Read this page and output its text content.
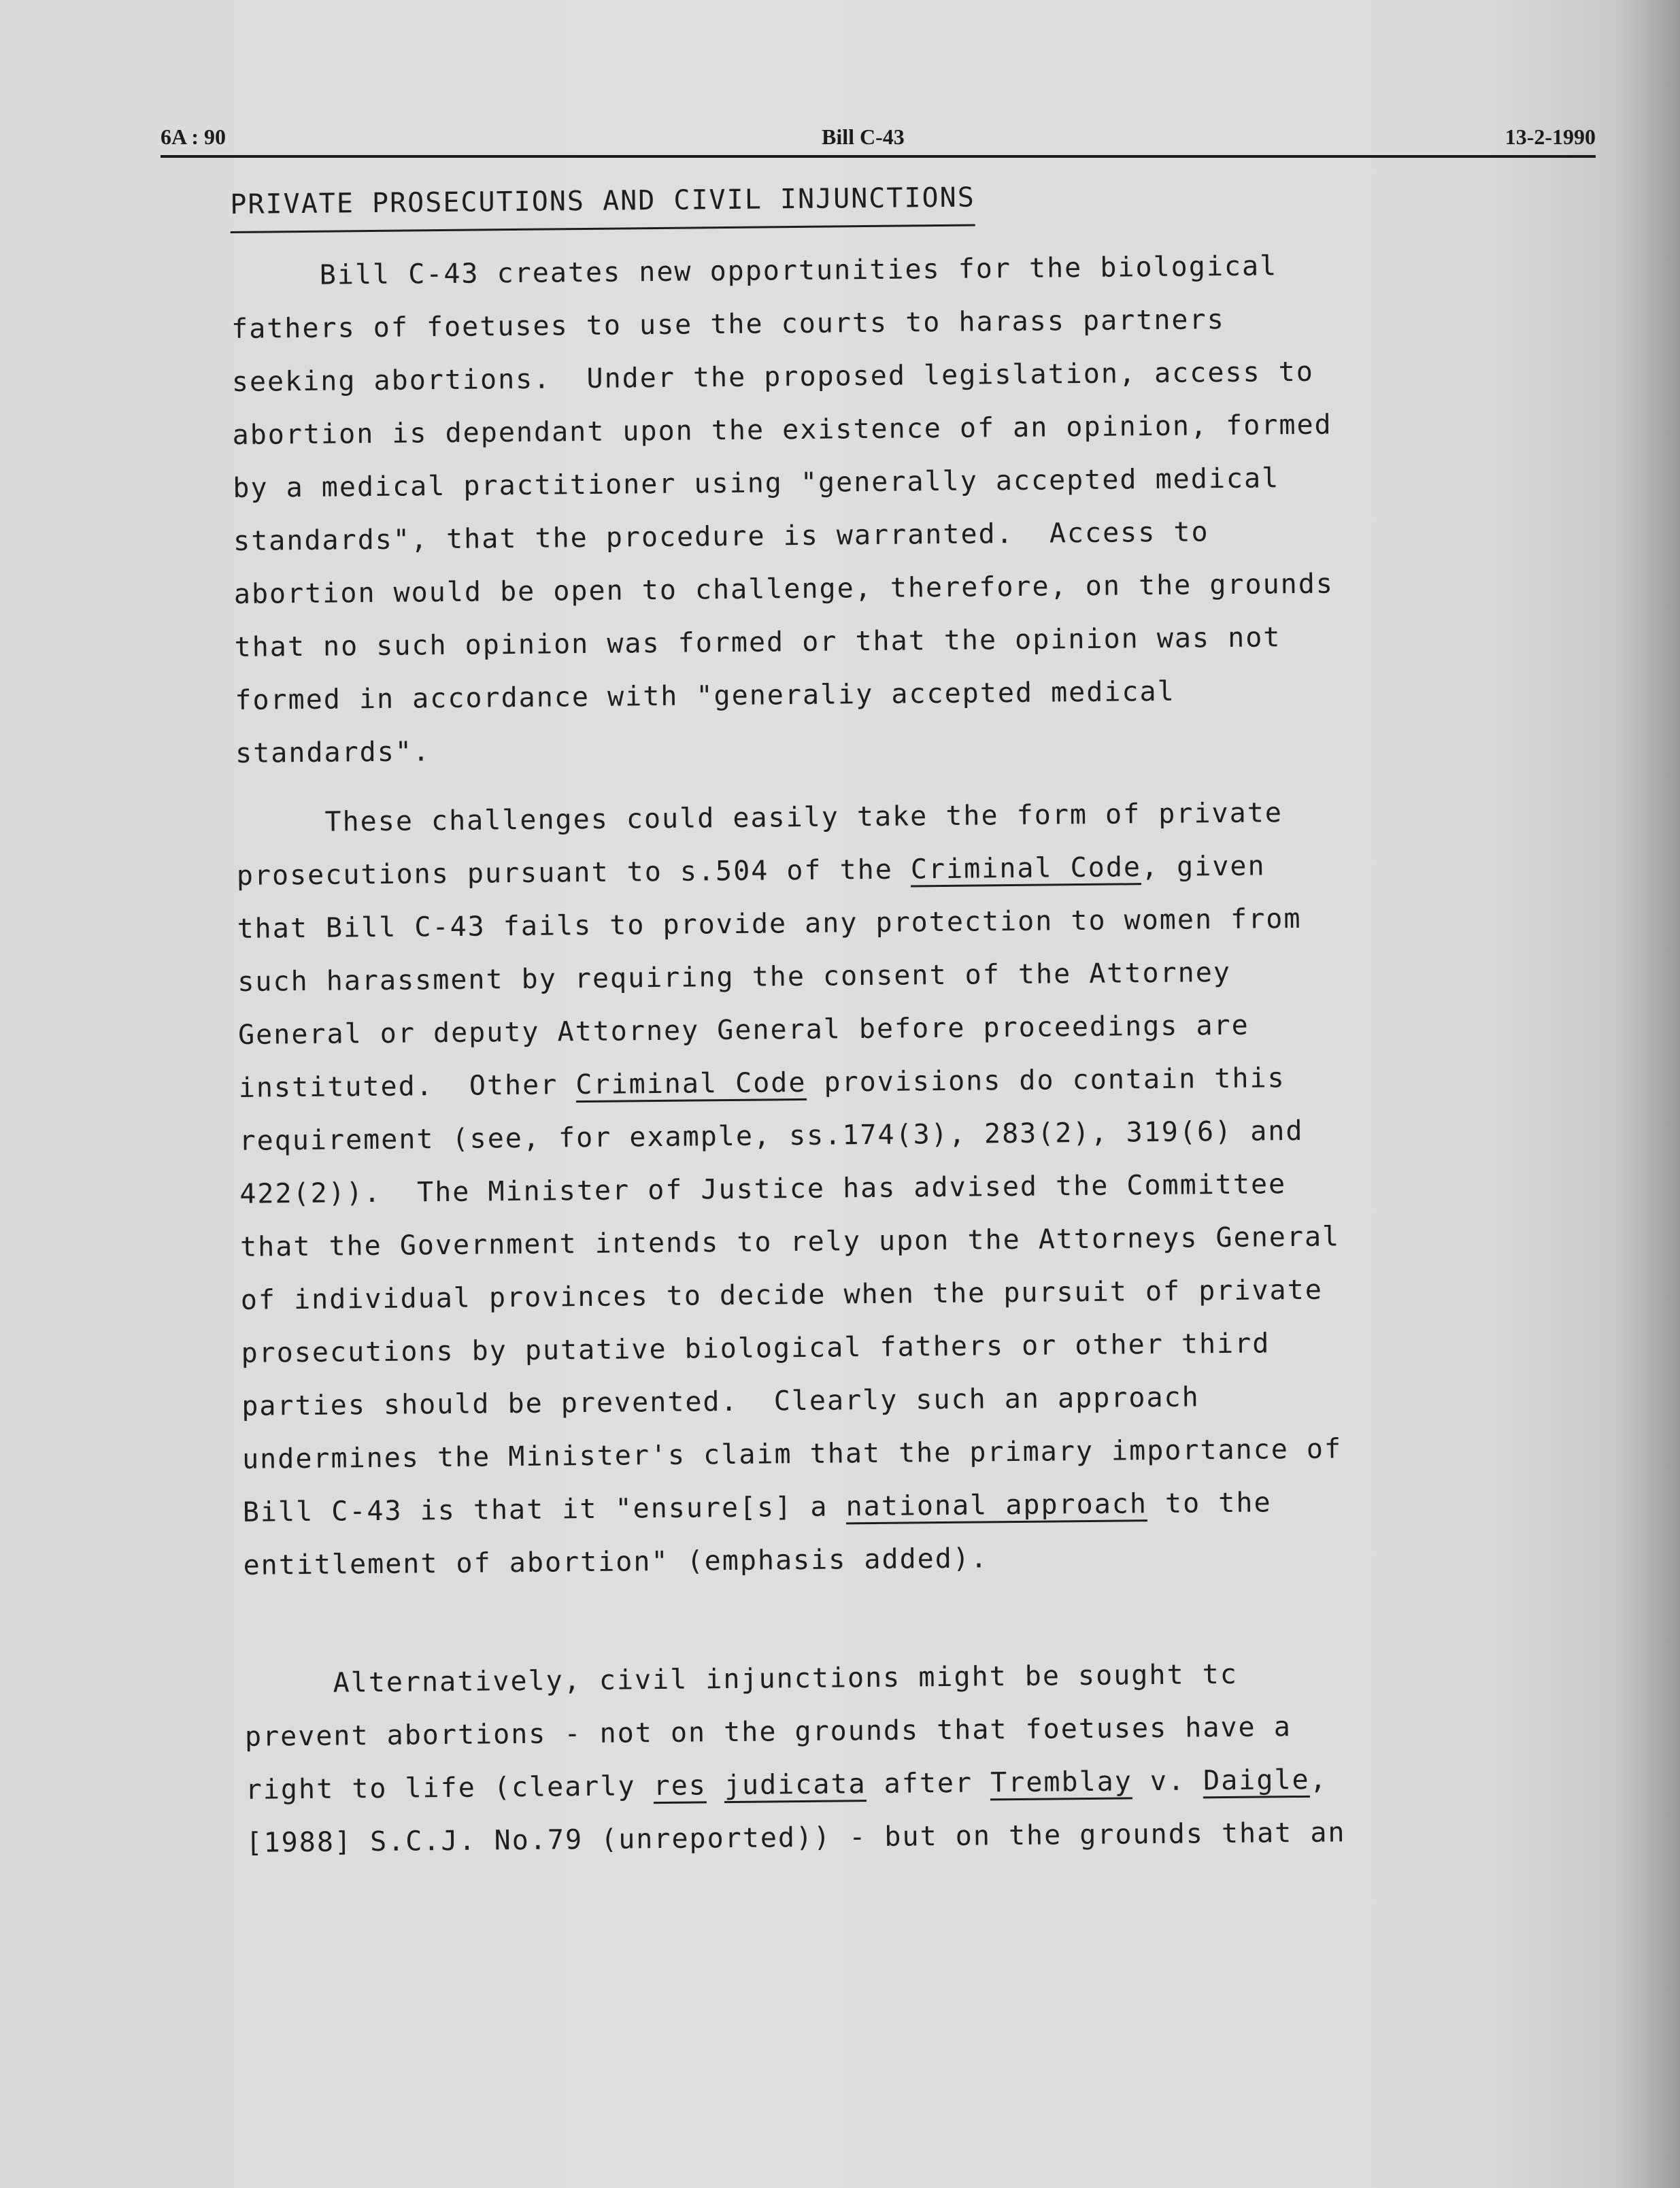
6A : 90	Bill C-43	13-2-1990
PRIVATE PROSECUTIONS AND CIVIL INJUNCTIONS

Bill C-43 creates new opportunities for the biological

fathers of foetuses to use the courts to harass partners

seeking abortions.  Under the proposed legislation, access to

abortion is dependant upon the existence of an opinion, formed

by a medical practitioner using "generally accepted medical

standards", that the procedure is warranted.  Access to

abortion would be open to challenge, therefore, on the grounds

that no such opinion was formed or that the opinion was not

formed in accordance with "generaliy accepted medical

standards".

These challenges could easily take the form of private

prosecutions pursuant to s.504 of the Criminal Code, given

that Bill C-43 fails to provide any protection to women from

such harassment by requiring the consent of the Attorney

General or deputy Attorney General before proceedings are

instituted.  Other Criminal Code provisions do contain this

requirement (see, for example, ss.174(3), 283(2), 319(6) and

422(2)).  The Minister of Justice has advised the Committee

that the Government intends to rely upon the Attorneys General

of individual provinces to decide when the pursuit of private

prosecutions by putative biological fathers or other third

parties should be prevented.  Clearly such an approach

undermines the Minister's claim that the primary importance of

Bill C-43 is that it "ensure[s] a national approach to the

entitlement of abortion" (emphasis added).

Alternatively, civil injunctions might be sought tc

prevent abortions - not on the grounds that foetuses have a

right to life (clearly res judicata after Tremblay v. Daigle,

[1988] S.C.J. No.79 (unreported)) - but on the grounds that an
